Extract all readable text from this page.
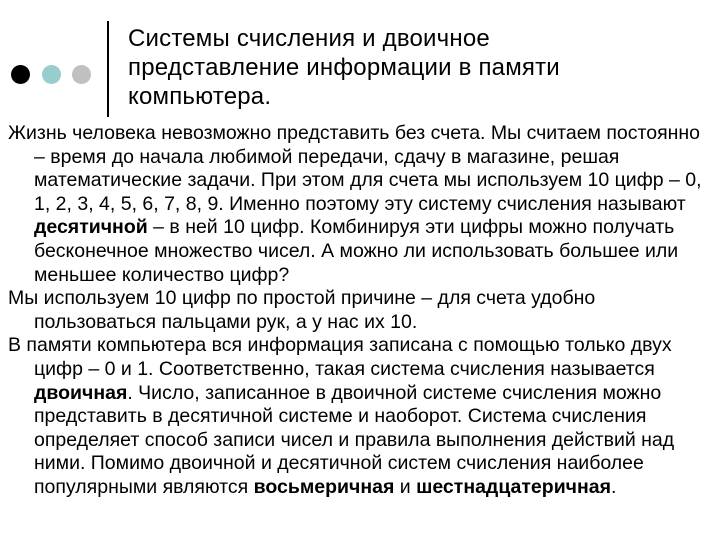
Системы счисления и двоичное
представление информации в памяти
компьютера.

Жизнь человека невозможно представить без счета. Мы считаем постоянно – время до начала любимой передачи, сдачу в магазине, решая математические задачи. При этом для счета мы используем 10 цифр – 0, 1, 2, 3, 4, 5, 6, 7, 8, 9. Именно поэтому эту систему счисления называют десятичной – в ней 10 цифр. Комбинируя эти цифры можно получать бесконечное множество чисел. А можно ли использовать большее или меньшее количество цифр?

Мы используем 10 цифр по простой причине – для счета удобно пользоваться пальцами рук, а у нас их 10.

В памяти компьютера вся информация записана с помощью только двух цифр – 0 и 1. Соответственно, такая система счисления называется двоичная. Число, записанное в двоичной системе счисления можно представить в десятичной системе и наоборот. Система счисления определяет способ записи чисел и правила выполнения действий над ними. Помимо двоичной и десятичной систем счисления наиболее популярными являются восьмеричная и шестнадцатеричная.
